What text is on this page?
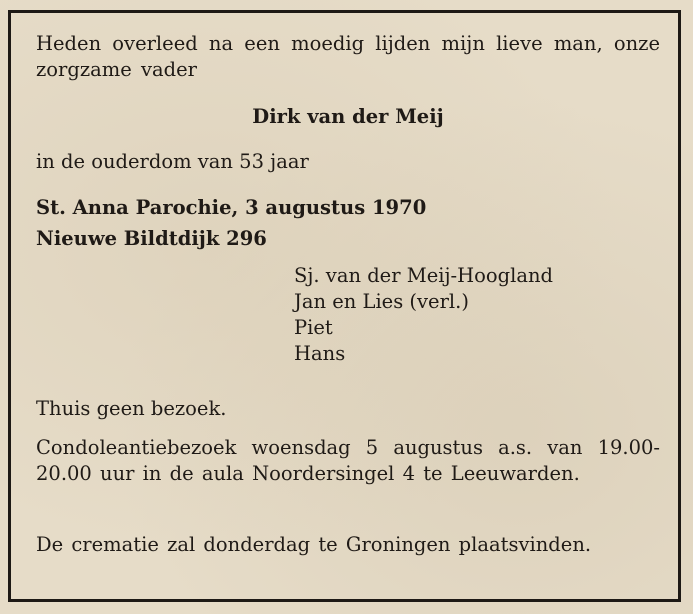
Heden overleed na een moedig lijden mijn lieve man, onze zorgzame vader
Dirk van der Meij
in de ouderdom van 53 jaar
St. Anna Parochie, 3 augustus 1970
Nieuwe Bildtdijk 296
Sj. van der Meij-Hoogland
Jan en Lies (verl.)
Piet
Hans
Thuis geen bezoek.
Condoleantiebezoek woensdag 5 augustus a.s. van 19.00-20.00 uur in de aula Noordersingel 4 te Leeuwarden.
De crematie zal donderdag te Groningen plaatsvinden.
